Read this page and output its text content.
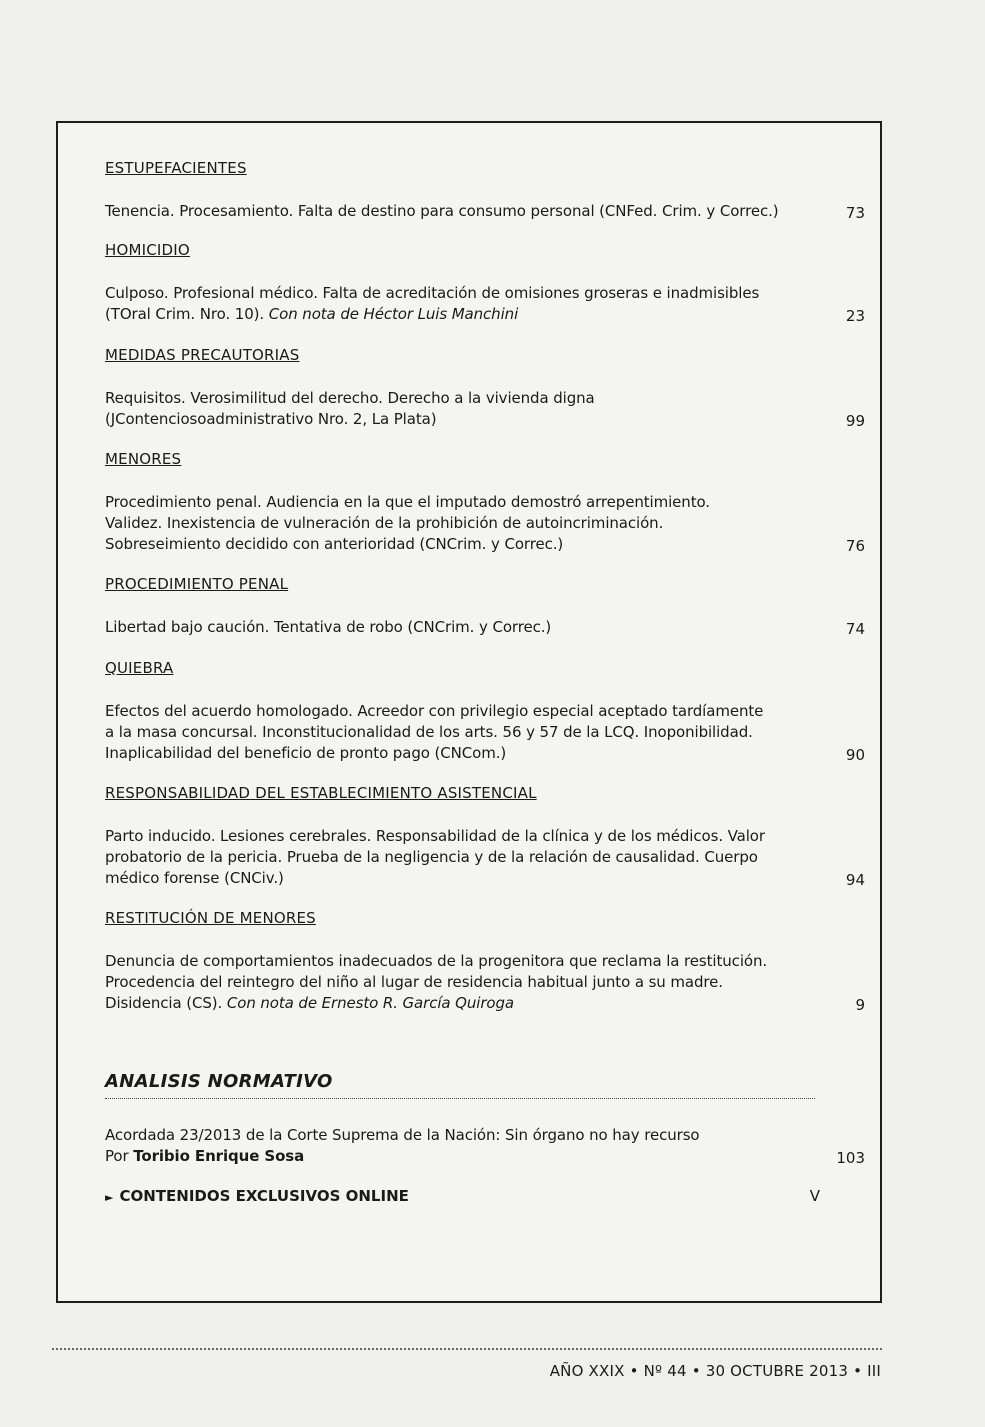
ESTUPEFACIENTES
Tenencia. Procesamiento. Falta de destino para consumo personal (CNFed. Crim. y Correc.)	73
HOMICIDIO
Culposo. Profesional médico. Falta de acreditación de omisiones groseras e inadmisibles (TOral Crim. Nro. 10). Con nota de Héctor Luis Manchini	23
MEDIDAS PRECAUTORIAS
Requisitos. Verosimilitud del derecho. Derecho a la vivienda digna (JContenciosoadministrativo Nro. 2, La Plata)	99
MENORES
Procedimiento penal. Audiencia en la que el imputado demostró arrepentimiento. Validez. Inexistencia de vulneración de la prohibición de autoincriminación. Sobreseimiento decidido con anterioridad (CNCrim. y Correc.)	76
PROCEDIMIENTO PENAL
Libertad bajo caución. Tentativa de robo (CNCrim. y Correc.)	74
QUIEBRA
Efectos del acuerdo homologado. Acreedor con privilegio especial aceptado tardíamente a la masa concursal. Inconstitucionalidad de los arts. 56 y 57 de la LCQ. Inoponibilidad. Inaplicabilidad del beneficio de pronto pago (CNCom.)	90
RESPONSABILIDAD DEL ESTABLECIMIENTO ASISTENCIAL
Parto inducido. Lesiones cerebrales. Responsabilidad de la clínica y de los médicos. Valor probatorio de la pericia. Prueba de la negligencia y de la relación de causalidad. Cuerpo médico forense (CNCiv.)	94
RESTITUCIÓN DE MENORES
Denuncia de comportamientos inadecuados de la progenitora que reclama la restitución. Procedencia del reintegro del niño al lugar de residencia habitual junto a su madre. Disidencia (CS). Con nota de Ernesto R. García Quiroga	9
ANALISIS NORMATIVO
Acordada 23/2013 de la Corte Suprema de la Nación: Sin órgano no hay recurso
Por Toribio Enrique Sosa	103
► CONTENIDOS EXCLUSIVOS ONLINE	V
AÑO XXIX • Nº 44 • 30 OCTUBRE 2013 • III
